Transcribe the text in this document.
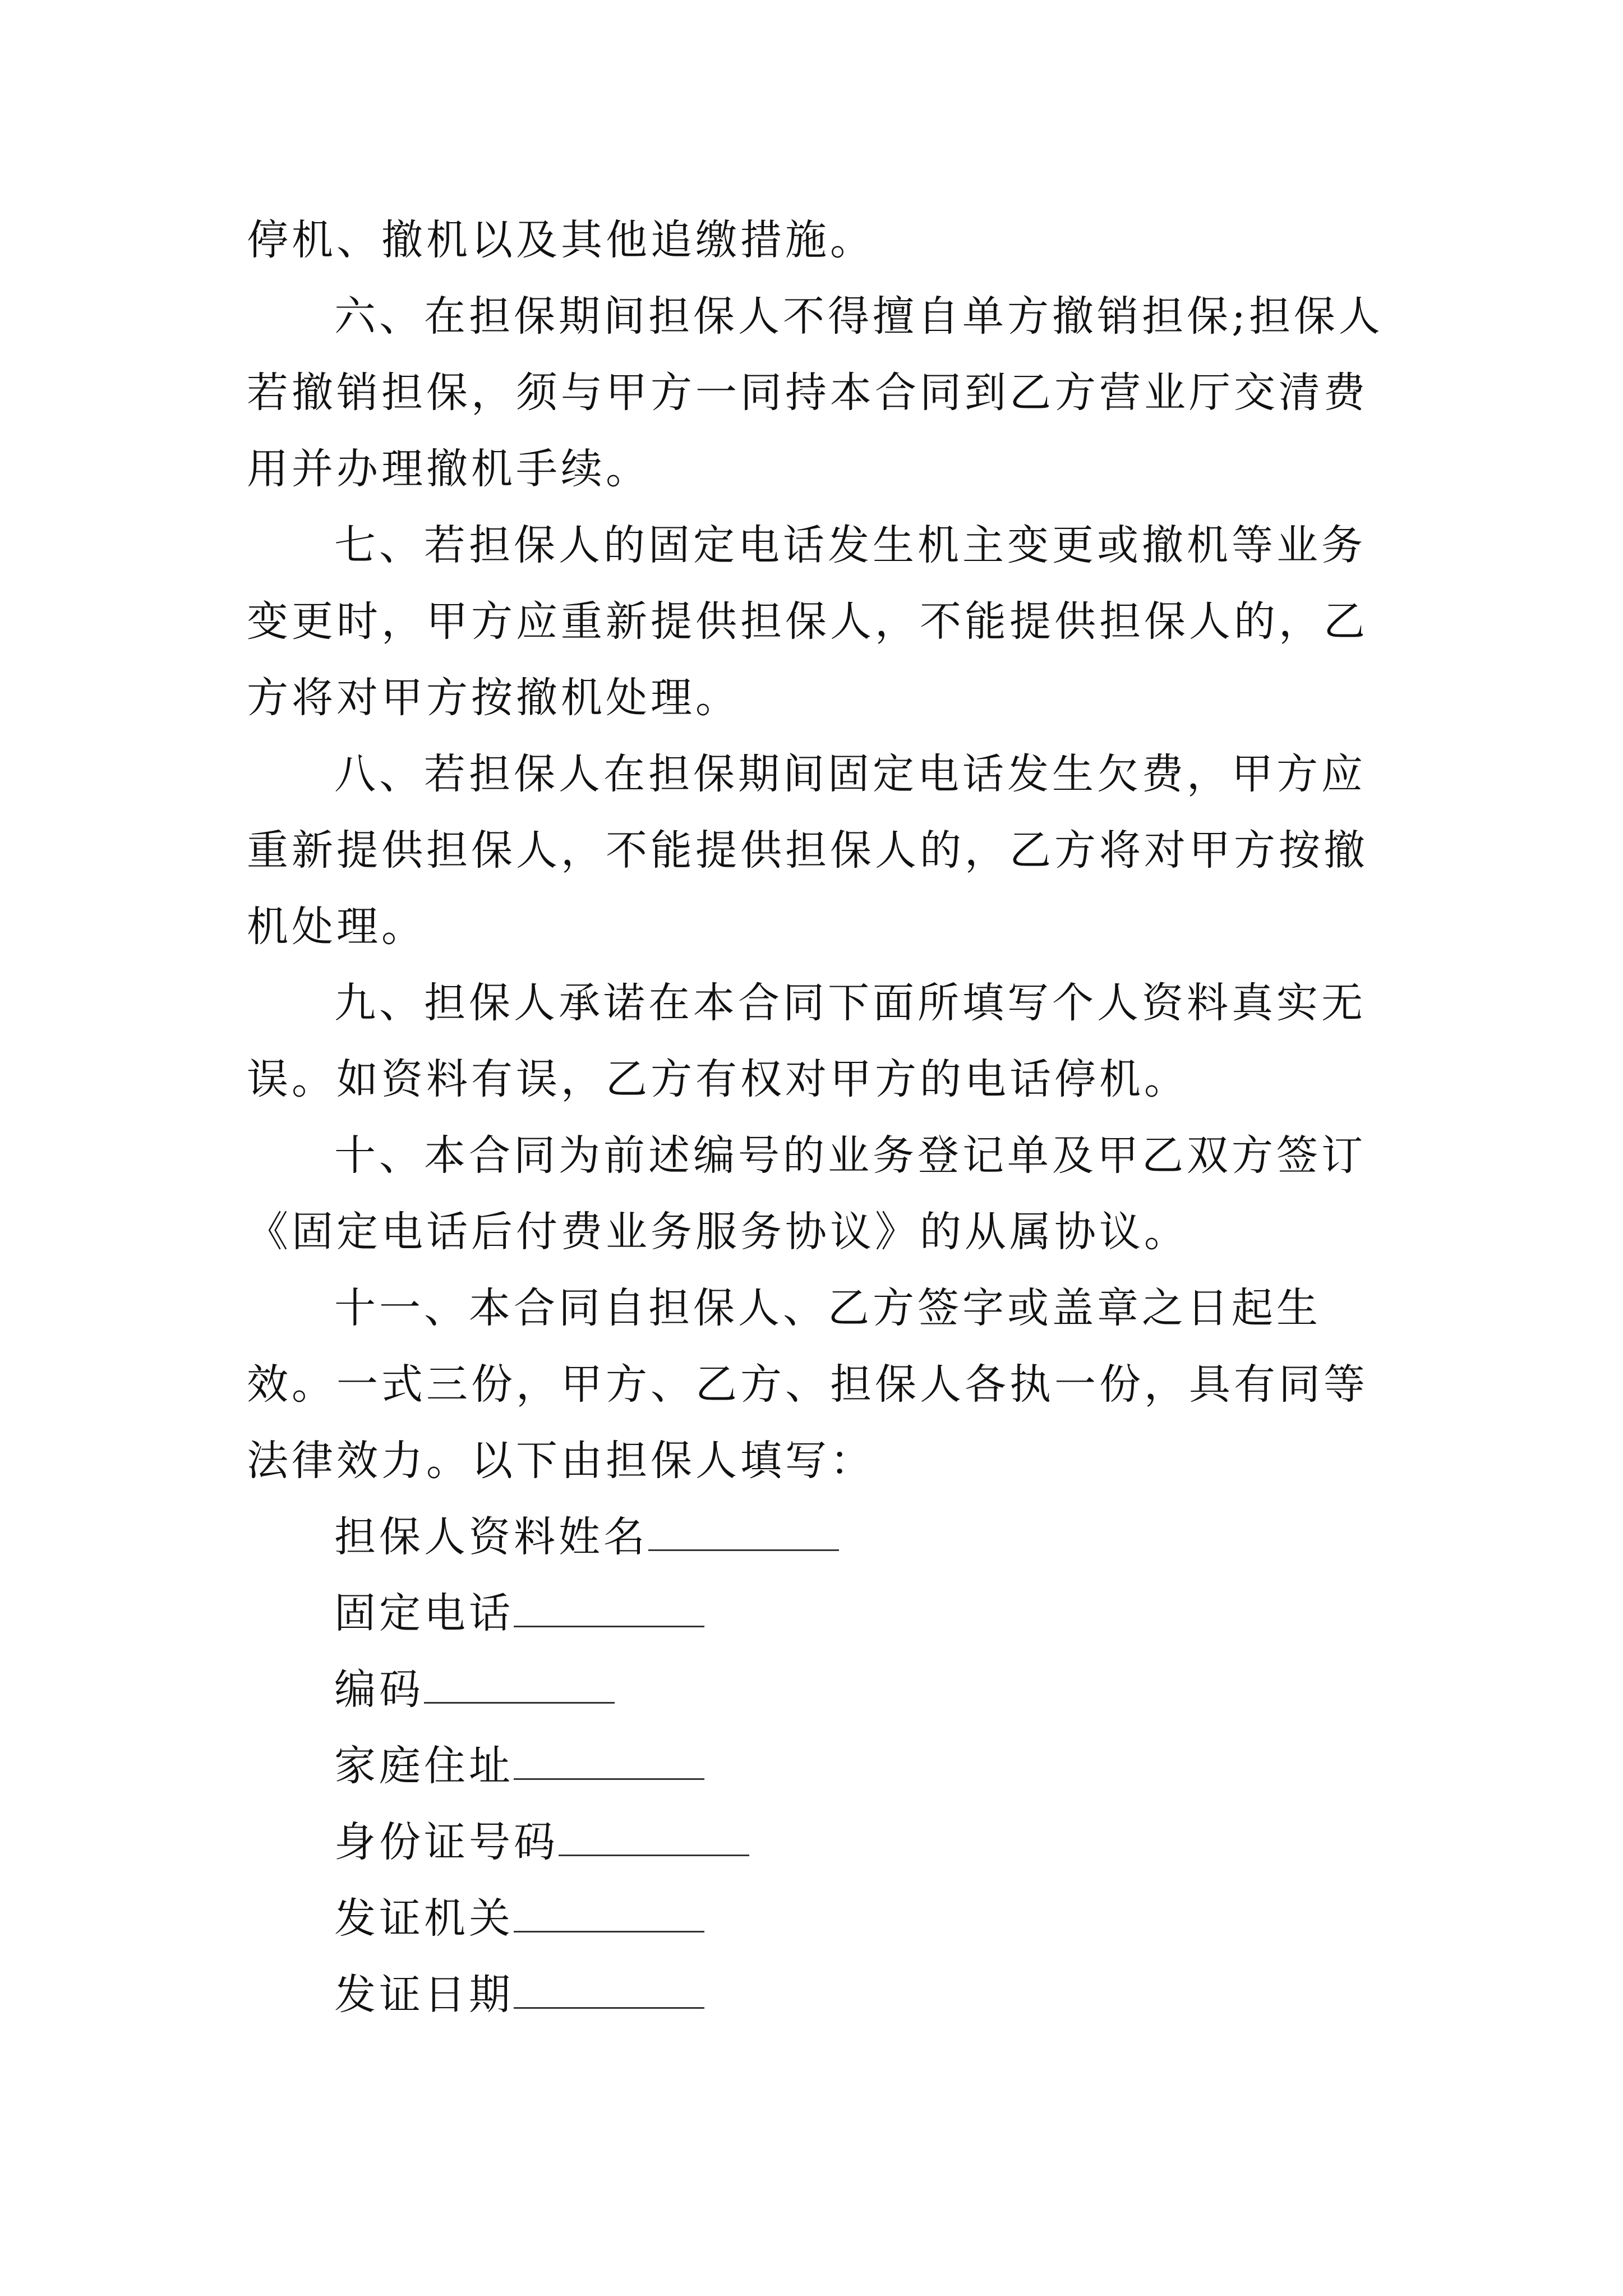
停机、撤机以及其他追缴措施。

六、在担保期间担保人不得擅自单方撤销担保;担保人若撤销担保，须与甲方一同持本合同到乙方营业厅交清费用并办理撤机手续。

七、若担保人的固定电话发生机主变更或撤机等业务变更时，甲方应重新提供担保人，不能提供担保人的，乙方将对甲方按撤机处理。

八、若担保人在担保期间固定电话发生欠费，甲方应重新提供担保人，不能提供担保人的，乙方将对甲方按撤机处理。

九、担保人承诺在本合同下面所填写个人资料真实无误。如资料有误，乙方有权对甲方的电话停机。

十、本合同为前述编号的业务登记单及甲乙双方签订《固定电话后付费业务服务协议》的从属协议。

十一、本合同自担保人、乙方签字或盖章之日起生效。一式三份，甲方、乙方、担保人各执一份，具有同等法律效力。以下由担保人填写：

担保人资料姓名

固定电话

编码

家庭住址

身份证号码

发证机关

发证日期
